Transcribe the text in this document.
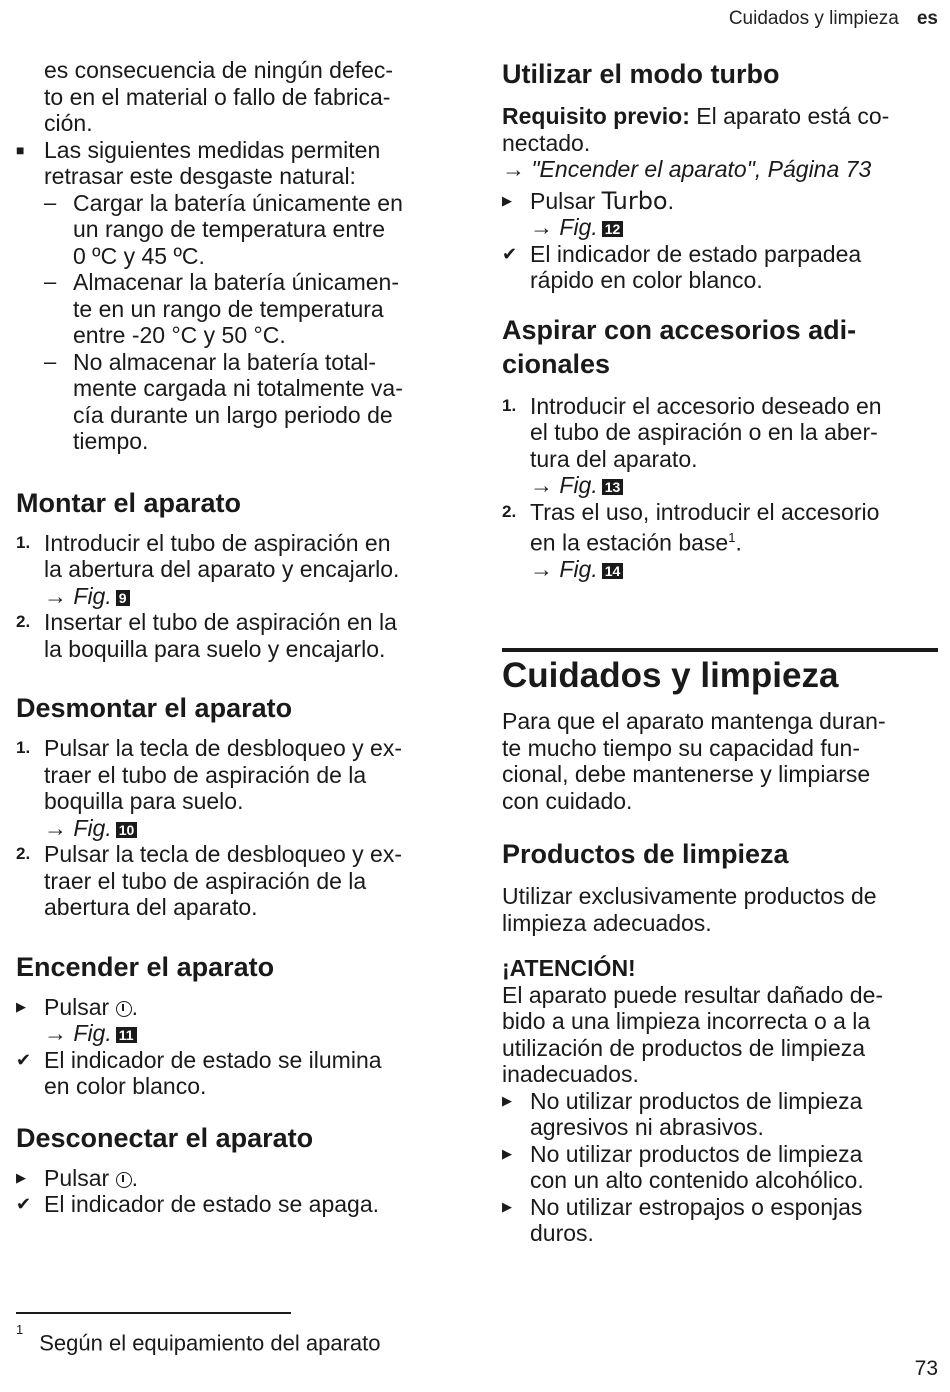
Cuidados y limpieza es
es consecuencia de ningún defec-
to en el material o fallo de fabrica-
ción.
■ Las siguientes medidas permiten
retrasar este desgaste natural:
– Cargar la batería únicamente en
un rango de temperatura entre
0 ºC y 45 ºC.
– Almacenar la batería únicamen-
te en un rango de temperatura
entre -20 °C y 50 °C.
– No almacenar la batería total-
mente cargada ni totalmente va-
cía durante un largo periodo de
tiempo.
Montar el aparato
1. Introducir el tubo de aspiración en
la abertura del aparato y encajarlo.
→ Fig. 9
2. Insertar el tubo de aspiración en la
la boquilla para suelo y encajarlo.
Desmontar el aparato
1. Pulsar la tecla de desbloqueo y ex-
traer el tubo de aspiración de la
boquilla para suelo.
→ Fig. 10
2. Pulsar la tecla de desbloqueo y ex-
traer el tubo de aspiración de la
abertura del aparato.
Encender el aparato
▶ Pulsar .
→ Fig. 11
✔ El indicador de estado se ilumina
en color blanco.
Desconectar el aparato
▶ Pulsar .
✔ El indicador de estado se apaga.
Utilizar el modo turbo
Requisito previo: El aparato está co-
nectado.
→ "Encender el aparato", Página 73
▶ Pulsar Turbo.
→ Fig. 12
✔ El indicador de estado parpadea
rápido en color blanco.
Aspirar con accesorios adi-
cionales
1. Introducir el accesorio deseado en
el tubo de aspiración o en la aber-
tura del aparato.
→ Fig. 13
2. Tras el uso, introducir el accesorio
en la estación base$^1$.
→ Fig. 14
Cuidados y limpieza
Para que el aparato mantenga duran-
te mucho tiempo su capacidad fun-
cional, debe mantenerse y limpiarse
con cuidado.
Productos de limpieza
Utilizar exclusivamente productos de
limpieza adecuados.
¡ATENCIÓN!
El aparato puede resultar dañado de-
bido a una limpieza incorrecta o a la
utilización de productos de limpieza
inadecuados.
▶ No utilizar productos de limpieza
agresivos ni abrasivos.
▶ No utilizar productos de limpieza
con un alto contenido alcohólico.
▶ No utilizar estropajos o esponjas
duros.
$^1$Según el equipamiento del aparato
73
